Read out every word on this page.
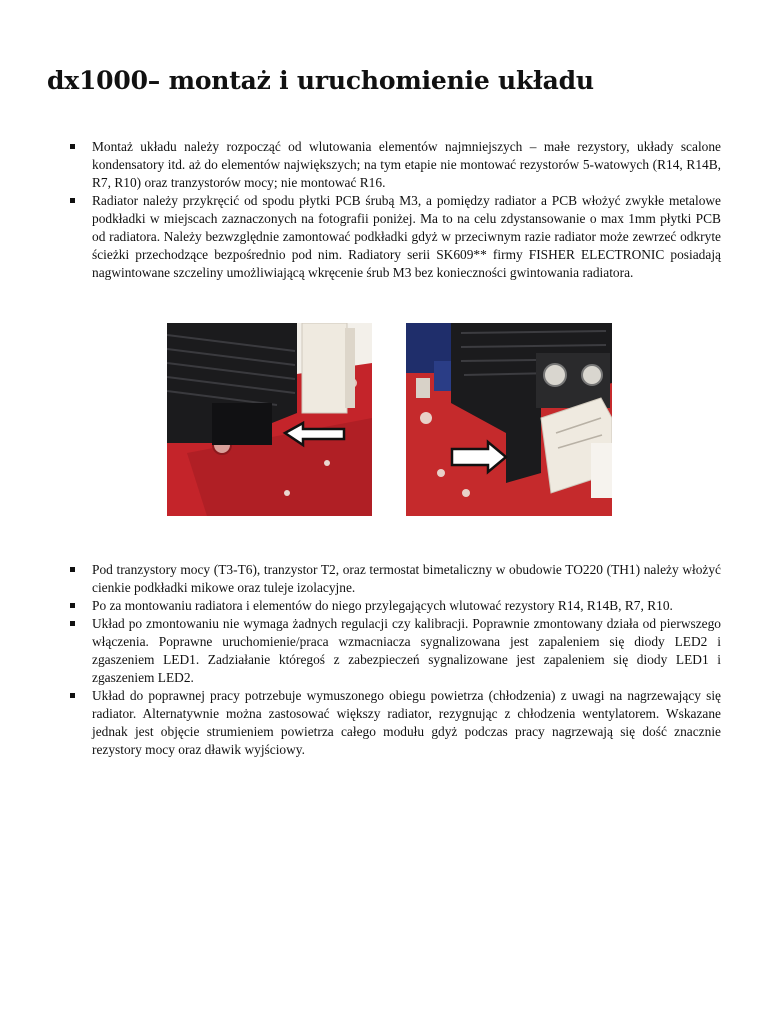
dx1000– montaż i uruchomienie układu
Montaż układu należy rozpocząć od wlutowania elementów najmniejszych – małe rezystory, układy scalone kondensatory itd. aż do elementów największych; na tym etapie nie montować rezystorów 5-watowych (R14, R14B, R7, R10) oraz tranzystorów mocy; nie montować R16.
Radiator należy przykręcić od spodu płytki PCB śrubą M3, a pomiędzy radiator a PCB włożyć zwykłe metalowe podkładki w miejscach zaznaczonych na fotografii poniżej. Ma to na celu zdystansowanie o max 1mm płytki PCB od radiatora. Należy bezwzględnie zamontować podkładki gdyż w przeciwnym razie radiator może zewrzeć odkryte ścieżki przechodzące bezpośrednio pod nim. Radiatory serii SK609** firmy FISHER ELECTRONIC posiadają nagwintowane szczeliny umożliwiającą wkręcenie śrub M3 bez konieczności gwintowania radiatora.
Pod tranzystory mocy (T3-T6), tranzystor T2, oraz termostat bimetaliczny w obudowie TO220 (TH1) należy włożyć cienkie podkładki mikowe oraz tuleje izolacyjne.
Po za montowaniu radiatora i elementów do niego przylegających wlutować rezystory R14, R14B, R7, R10.
Układ po zmontowaniu nie wymaga żadnych regulacji czy kalibracji. Poprawnie zmontowany działa od pierwszego włączenia. Poprawne uruchomienie/praca wzmacniacza sygnalizowana jest zapaleniem się diody LED2 i zgaszeniem LED1. Zadziałanie któregoś z zabezpieczeń sygnalizowane jest zapaleniem się diody LED1 i zgaszeniem LED2.
Układ do poprawnej pracy potrzebuje wymuszonego obiegu powietrza (chłodzenia) z uwagi na nagrzewający się radiator. Alternatywnie można zastosować większy radiator, rezygnując z chłodzenia wentylatorem. Wskazane jednak jest objęcie strumieniem powietrza całego modułu gdyż podczas pracy nagrzewają się dość znacznie rezystory mocy oraz dławik wyjściowy.
